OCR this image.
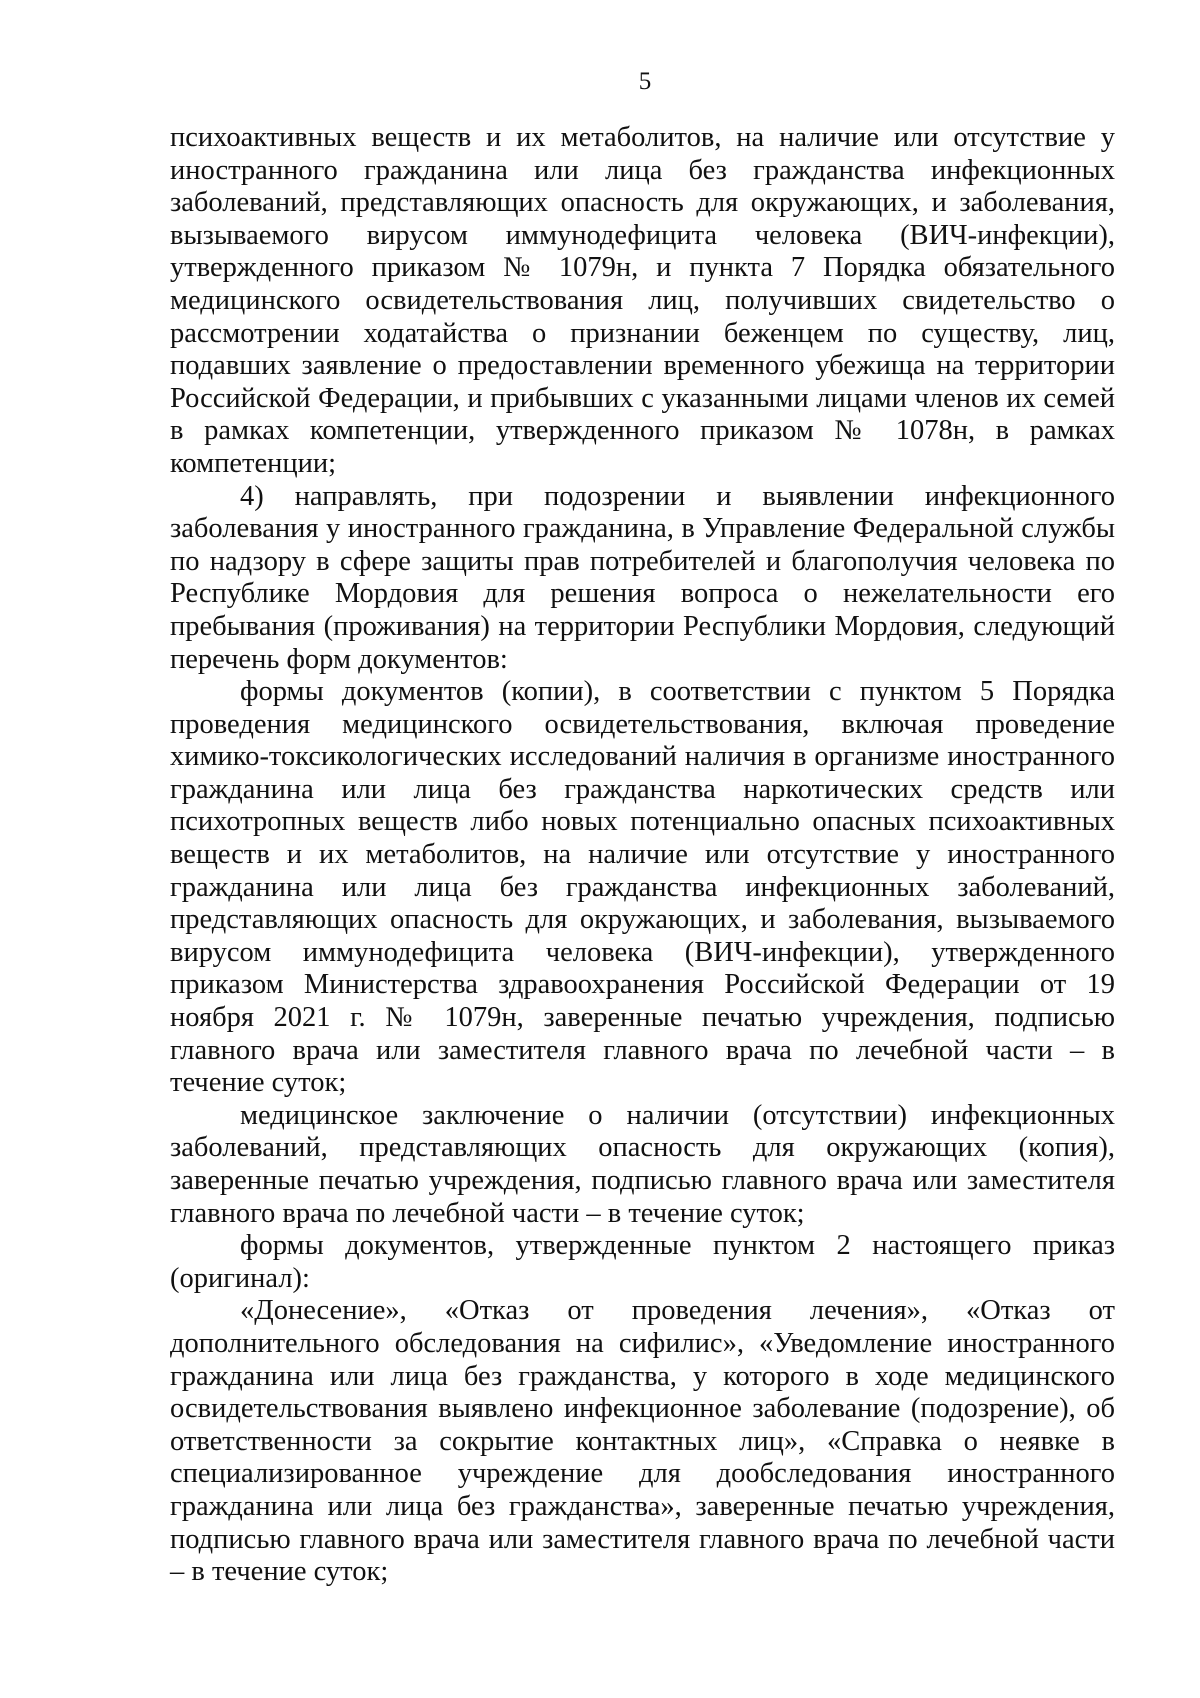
5

психоактивных веществ и их метаболитов, на наличие или отсутствие у иностранного гражданина или лица без гражданства инфекционных заболеваний, представляющих опасность для окружающих, и заболевания, вызываемого вирусом иммунодефицита человека (ВИЧ-инфекции), утвержденного приказом № 1079н, и пункта 7 Порядка обязательного медицинского освидетельствования лиц, получивших свидетельство о рассмотрении ходатайства о признании беженцем по существу, лиц, подавших заявление о предоставлении временного убежища на территории Российской Федерации, и прибывших с указанными лицами членов их семей в рамках компетенции, утвержденного приказом № 1078н, в рамках компетенции;

4) направлять, при подозрении и выявлении инфекционного заболевания у иностранного гражданина, в Управление Федеральной службы по надзору в сфере защиты прав потребителей и благополучия человека по Республике Мордовия для решения вопроса о нежелательности его пребывания (проживания) на территории Республики Мордовия, следующий перечень форм документов:

формы документов (копии), в соответствии с пунктом 5 Порядка проведения медицинского освидетельствования, включая проведение химико-токсикологических исследований наличия в организме иностранного гражданина или лица без гражданства наркотических средств или психотропных веществ либо новых потенциально опасных психоактивных веществ и их метаболитов, на наличие или отсутствие у иностранного гражданина или лица без гражданства инфекционных заболеваний, представляющих опасность для окружающих, и заболевания, вызываемого вирусом иммунодефицита человека (ВИЧ-инфекции), утвержденного приказом Министерства здравоохранения Российской Федерации от 19 ноября 2021 г. № 1079н, заверенные печатью учреждения, подписью главного врача или заместителя главного врача по лечебной части – в течение суток;

медицинское заключение о наличии (отсутствии) инфекционных заболеваний, представляющих опасность для окружающих (копия), заверенные печатью учреждения, подписью главного врача или заместителя главного врача по лечебной части – в течение суток;

формы документов, утвержденные пунктом 2 настоящего приказ (оригинал):

«Донесение», «Отказ от проведения лечения», «Отказ от дополнительного обследования на сифилис», «Уведомление иностранного гражданина или лица без гражданства, у которого в ходе медицинского освидетельствования выявлено инфекционное заболевание (подозрение), об ответственности за сокрытие контактных лиц», «Справка о неявке в специализированное учреждение для дообследования иностранного гражданина или лица без гражданства», заверенные печатью учреждения, подписью главного врача или заместителя главного врача по лечебной части – в течение суток;
